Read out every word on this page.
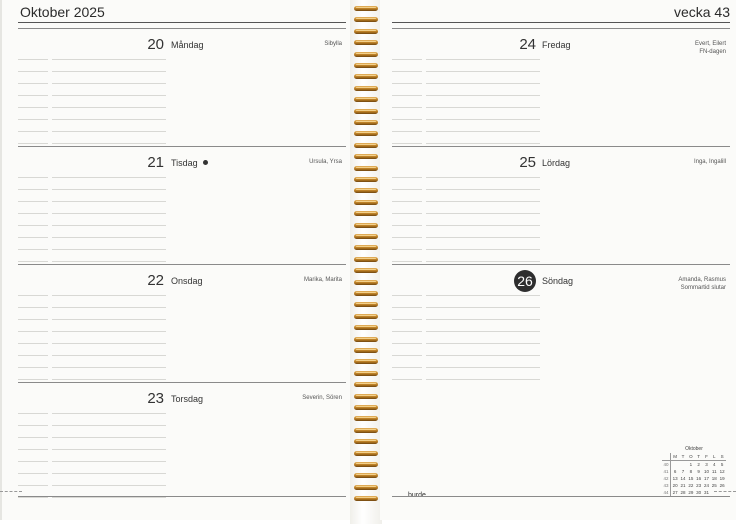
Oktober 2025
20 Måndag	Sibylla
21 Tisdag	Ursula, Yrsa
22 Onsdag	Marika, Marita
23 Torsdag	Severin, Sören
vecka 43
24 Fredag	Evert, Eilert
FN-dagen
25 Lördag	Inga, Ingalill
26	Söndag	Amanda, Rasmus
Sommartid slutar
Oktober
	M	T	O	T	F	L	S
40			1	2	3	4	5
41	6	7	8	9	10	11	12
42	13	14	15	16	17	18	19
43	20	21	22	23	24	25	26
44	27	28	29	30	31		
